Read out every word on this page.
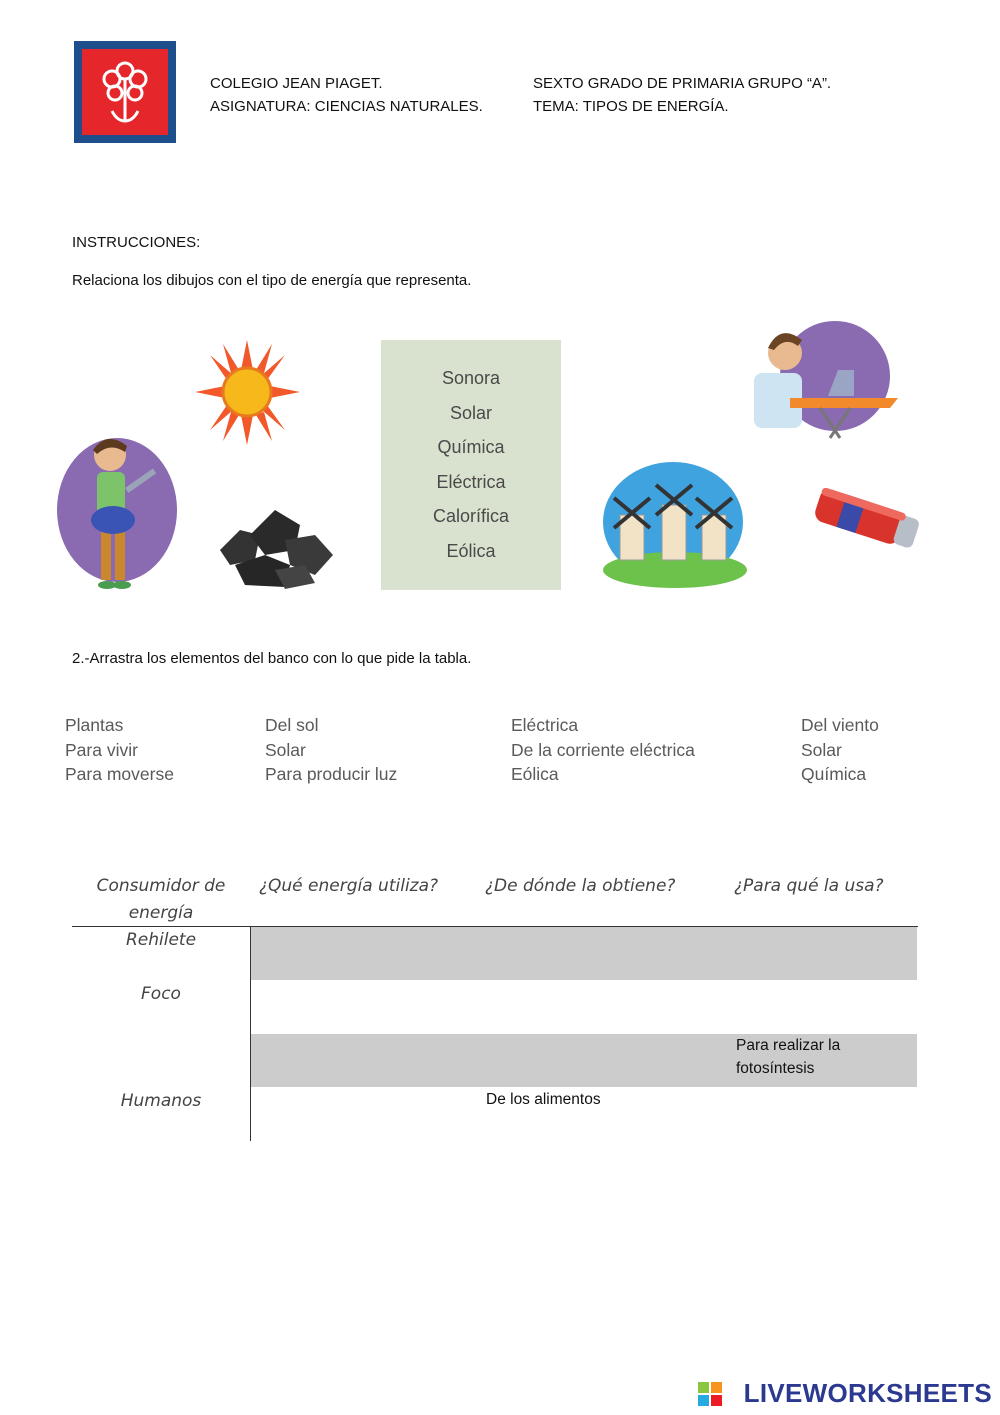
COLEGIO JEAN PIAGET.
ASIGNATURA: CIENCIAS NATURALES.
SEXTO GRADO DE PRIMARIA GRUPO “A”.
TEMA: TIPOS DE ENERGÍA.
INSTRUCCIONES:
Relaciona los dibujos con el tipo de energía que representa.
Sonora
Solar
Química
Eléctrica
Calorífica
Eólica
2.-Arrastra los elementos del banco con lo que pide la tabla.
Plantas
Para vivir
Para moverse
Del sol
Solar
Para producir luz
Eléctrica
De la corriente eléctrica
Eólica
Del viento
Solar
Química
Consumidor de
energía
¿Qué energía utiliza?	¿De dónde la obtiene?	¿Para qué la usa?
Rehilete
Foco
Humanos
Para realizar la
fotosíntesis
De los alimentos
LIVEWORKSHEETS
